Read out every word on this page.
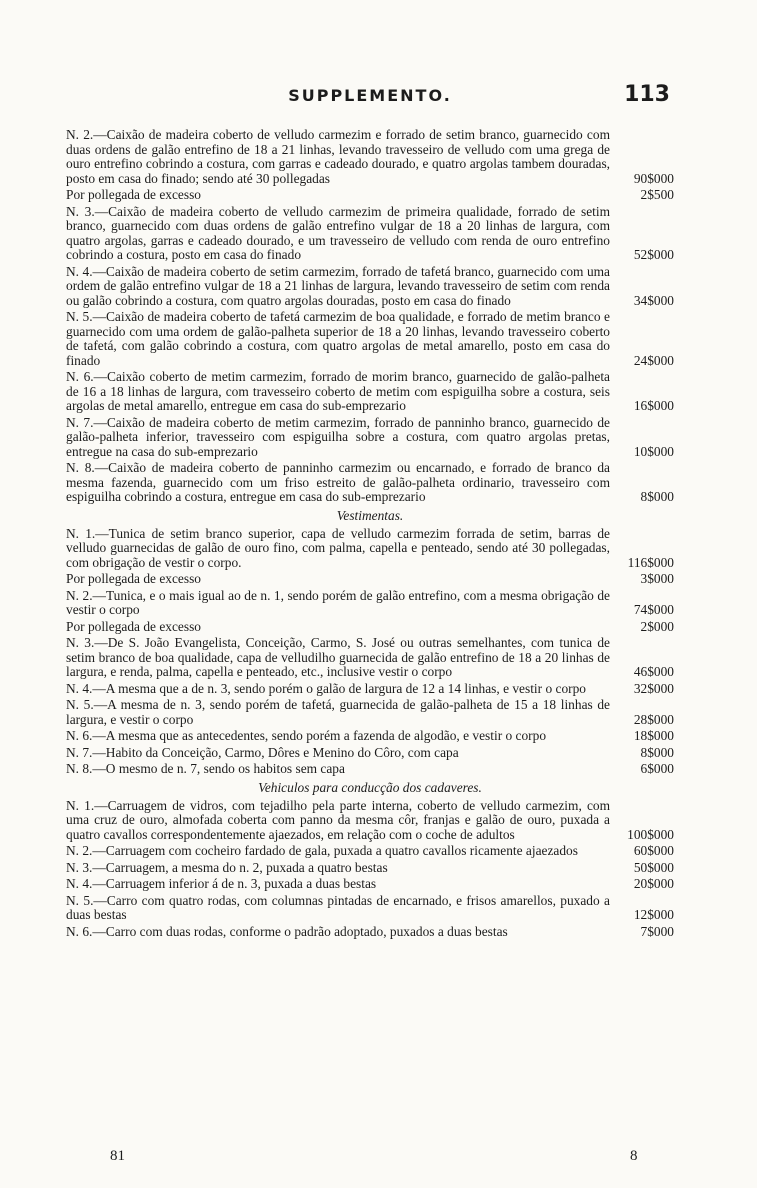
SUPPLEMENTO.	113
N. 2.—Caixão de madeira coberto de velludo carmezim e forrado de setim branco, guarnecido com duas ordens de galão entrefino de 18 a 21 linhas, levando travesseiro de velludo com uma grega de ouro entrefino cobrindo a costura, com garras e cadeado dourado, e quatro argolas tambem douradas, posto em casa do finado; sendo até 30 pollegadas	90$000
Por pollegada de excesso	2$500
N. 3.—Caixão de madeira coberto de velludo carmezim de primeira qualidade, forrado de setim branco, guarnecido com duas ordens de galão entrefino vulgar de 18 a 20 linhas de largura, com quatro argolas, garras e cadeado dourado, e um travesseiro de velludo com renda de ouro entrefino cobrindo a costura, posto em casa do finado	52$000
N. 4.—Caixão de madeira coberto de setim carmezim, forrado de tafetá branco, guarnecido com uma ordem de galão entrefino vulgar de 18 a 21 linhas de largura, levando travesseiro de setim com renda ou galão cobrindo a costura, com quatro argolas douradas, posto em casa do finado	34$000
N. 5.—Caixão de madeira coberto de tafetá carmezim de boa qualidade, e forrado de metim branco e guarnecido com uma ordem de galão-palheta superior de 18 a 20 linhas, levando travesseiro coberto de tafetá, com galão cobrindo a costura, com quatro argolas de metal amarello, posto em casa do finado	24$000
N. 6.—Caixão coberto de metim carmezim, forrado de morim branco, guarnecido de galão-palheta de 16 a 18 linhas de largura, com travesseiro coberto de metim com espiguilha sobre a costura, seis argolas de metal amarello, entregue em casa do sub-emprezario	16$000
N. 7.—Caixão de madeira coberto de metim carmezim, forrado de panninho branco, guarnecido de galão-palheta inferior, travesseiro com espiguilha sobre a costura, com quatro argolas pretas, entregue na casa do sub-emprezario	10$000
N. 8.—Caixão de madeira coberto de panninho carmezim ou encarnado, e forrado de branco da mesma fazenda, guarnecido com um friso estreito de galão-palheta ordinario, travesseiro com espiguilha cobrindo a costura, entregue em casa do sub-emprezario	8$000
Vestimentas.
N. 1.—Tunica de setim branco superior, capa de velludo carmezim forrada de setim, barras de velludo guarnecidas de galão de ouro fino, com palma, capella e penteado, sendo até 30 pollegadas, com obrigação de vestir o corpo.	116$000
Por pollegada de excesso	3$000
N. 2.—Tunica, e o mais igual ao de n. 1, sendo porém de galão entrefino, com a mesma obrigação de vestir o corpo	74$000
Por pollegada de excesso	2$000
N. 3.—De S. João Evangelista, Conceição, Carmo, S. José ou outras semelhantes, com tunica de setim branco de boa qualidade, capa de velludilho guarnecida de galão entrefino de 18 a 20 linhas de largura, e renda, palma, capella e penteado, etc., inclusive vestir o corpo	46$000
N. 4.—A mesma que a de n. 3, sendo porém o galão de largura de 12 a 14 linhas, e vestir o corpo	32$000
N. 5.—A mesma de n. 3, sendo porém de tafetá, guarnecida de galão-palheta de 15 a 18 linhas de largura, e vestir o corpo	28$000
N. 6.—A mesma que as antecedentes, sendo porém a fazenda de algodão, e vestir o corpo	18$000
N. 7.—Habito da Conceição, Carmo, Dôres e Menino do Côro, com capa	8$000
N. 8.—O mesmo de n. 7, sendo os habitos sem capa	6$000
Vehiculos para conducção dos cadaveres.
N. 1.—Carruagem de vidros, com tejadilho pela parte interna, coberto de velludo carmezim, com uma cruz de ouro, almofada coberta com panno da mesma côr, franjas e galão de ouro, puxada a quatro cavallos correspondentemente ajaezados, em relação com o coche de adultos	100$000
N. 2.—Carruagem com cocheiro fardado de gala, puxada a quatro cavallos ricamente ajaezados	60$000
N. 3.—Carruagem, a mesma do n. 2, puxada a quatro bestas	50$000
N. 4.—Carruagem inferior á de n. 3, puxada a duas bestas	20$000
N. 5.—Carro com quatro rodas, com columnas pintadas de encarnado, e frisos amarellos, puxado a duas bestas	12$000
N. 6.—Carro com duas rodas, conforme o padrão adoptado, puxados a duas bestas	7$000
81	8
